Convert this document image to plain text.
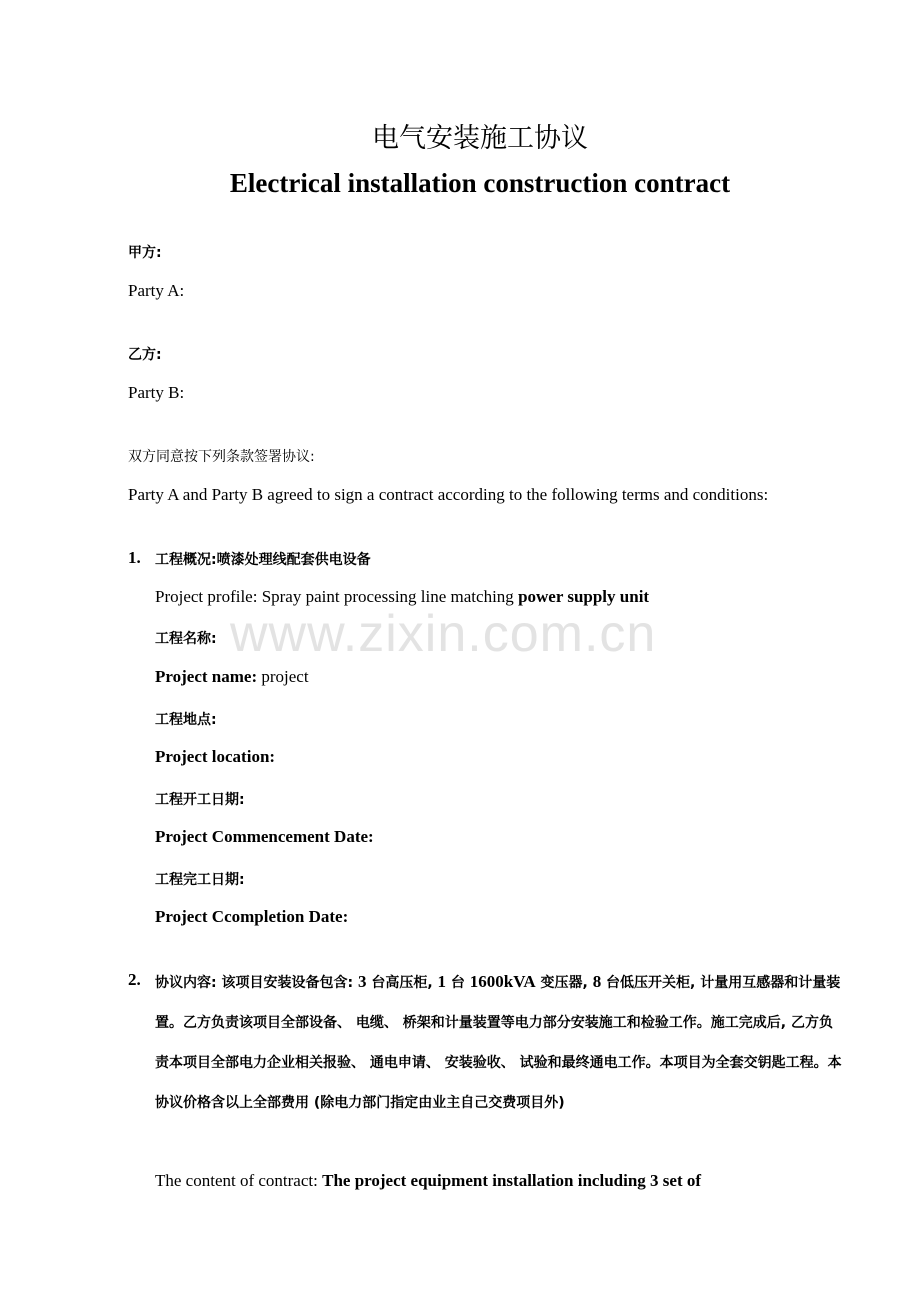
www.zixin.com.cn
电气安装施工协议
Electrical installation construction contract
甲方:
Party A:
乙方:
Party B:
双方同意按下列条款签署协议:
Party A and Party B agreed to sign a contract according to the following terms and conditions:
1. 工程概况:喷漆处理线配套供电设备
Project profile: Spray paint processing line matching power supply unit
工程名称:
Project name: project
工程地点:
Project location:
工程开工日期:
Project Commencement Date:
工程完工日期:
Project Ccompletion Date:
2. 协议内容: 该项目安装设备包含: 3 台高压柜, 1 台 1600kVA 变压器, 8 台低压开关柜, 计量用互感器和计量装置。乙方负责该项目全部设备、 电缆、 桥架和计量装置等电力部分安装施工和检验工作。施工完成后, 乙方负责本项目全部电力企业相关报验、 通电申请、 安装验收、 试验和最终通电工作。本项目为全套交钥匙工程。本协议价格含以上全部费用 (除电力部门指定由业主自己交费项目外)
The content of contract: The project equipment installation including 3 set of
